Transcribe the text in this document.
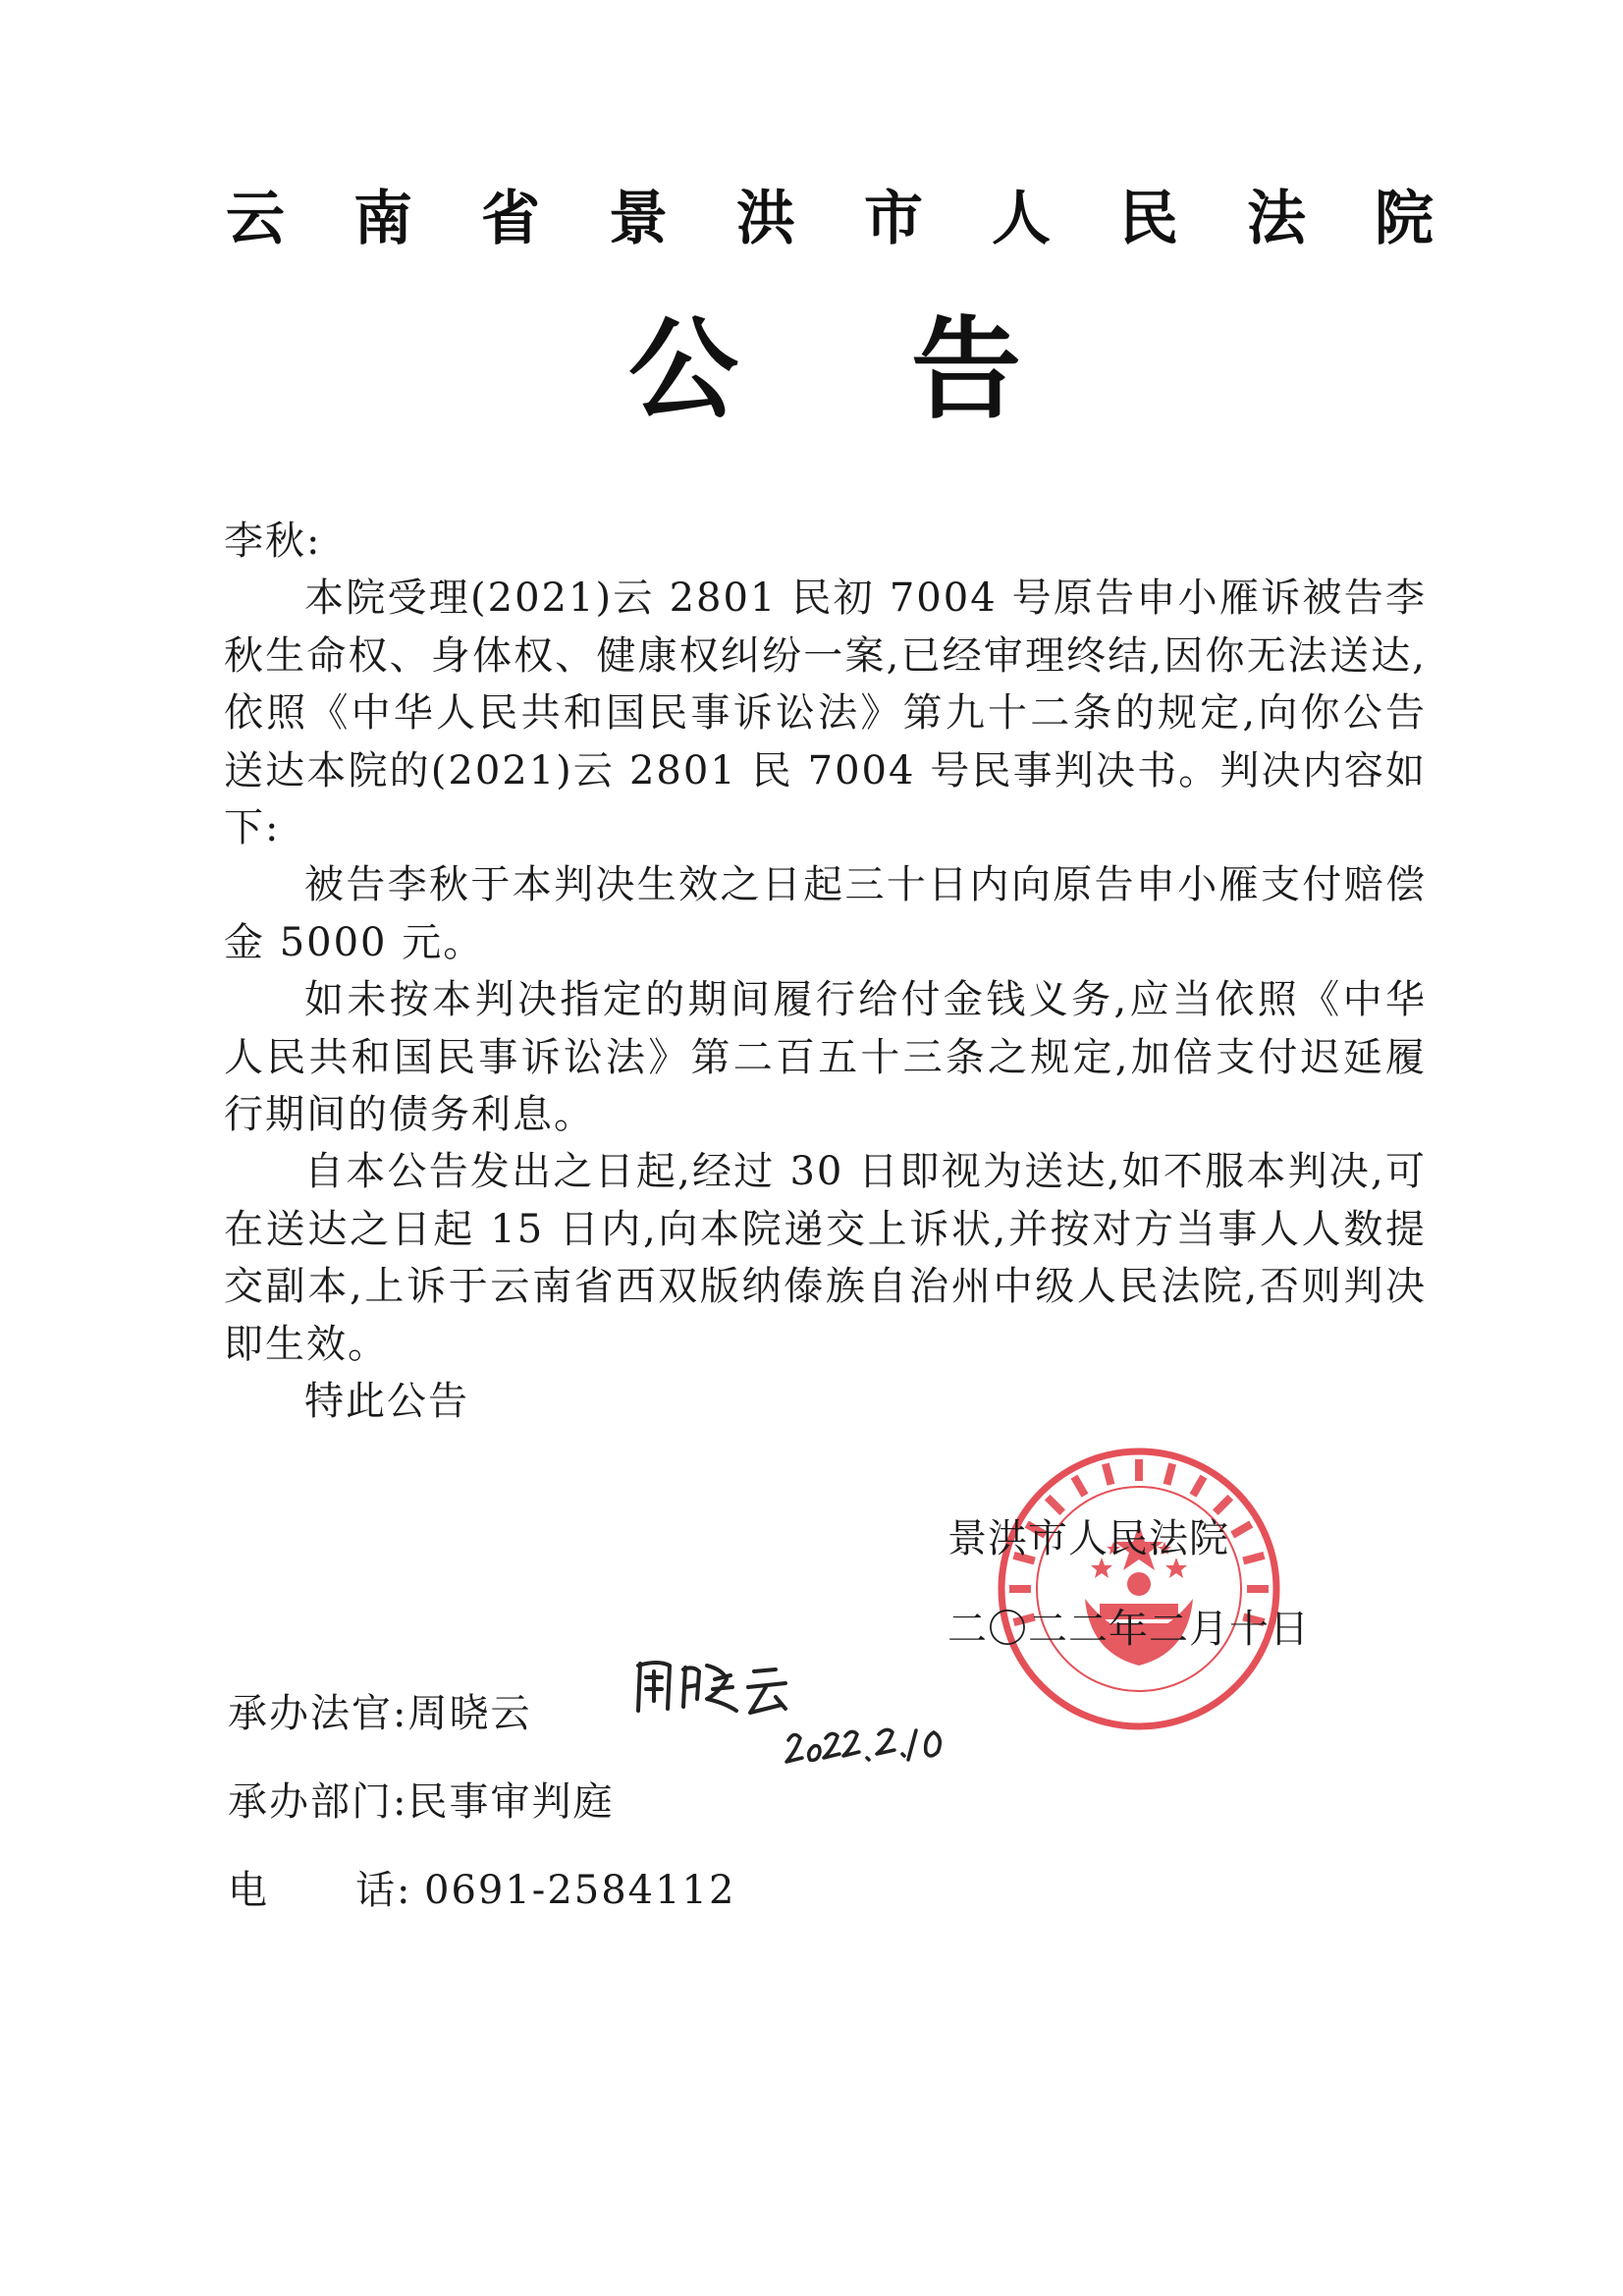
云 南 省 景 洪 市 人 民 法 院
公 告

李秋:

本院受理(2021)云 2801 民初 7004 号原告申小雁诉被告李秋生命权、身体权、健康权纠纷一案,已经审理终结,因你无法送达,依照《中华人民共和国民事诉讼法》第九十二条的规定,向你公告送达本院的(2021)云 2801 民 7004 号民事判决书。判决内容如下:

被告李秋于本判决生效之日起三十日内向原告申小雁支付赔偿金 5000 元。

如未按本判决指定的期间履行给付金钱义务,应当依照《中华人民共和国民事诉讼法》第二百五十三条之规定,加倍支付迟延履行期间的债务利息。

自本公告发出之日起,经过 30 日即视为送达,如不服本判决,可在送达之日起 15 日内,向本院递交上诉状,并按对方当事人人数提交副本,上诉于云南省西双版纳傣族自治州中级人民法院,否则判决即生效。

特此公告

景洪市人民法院
二〇二二年二月十日
承办法官:周晓云
承办部门:民事审判庭
电 话: 0691-2584112
